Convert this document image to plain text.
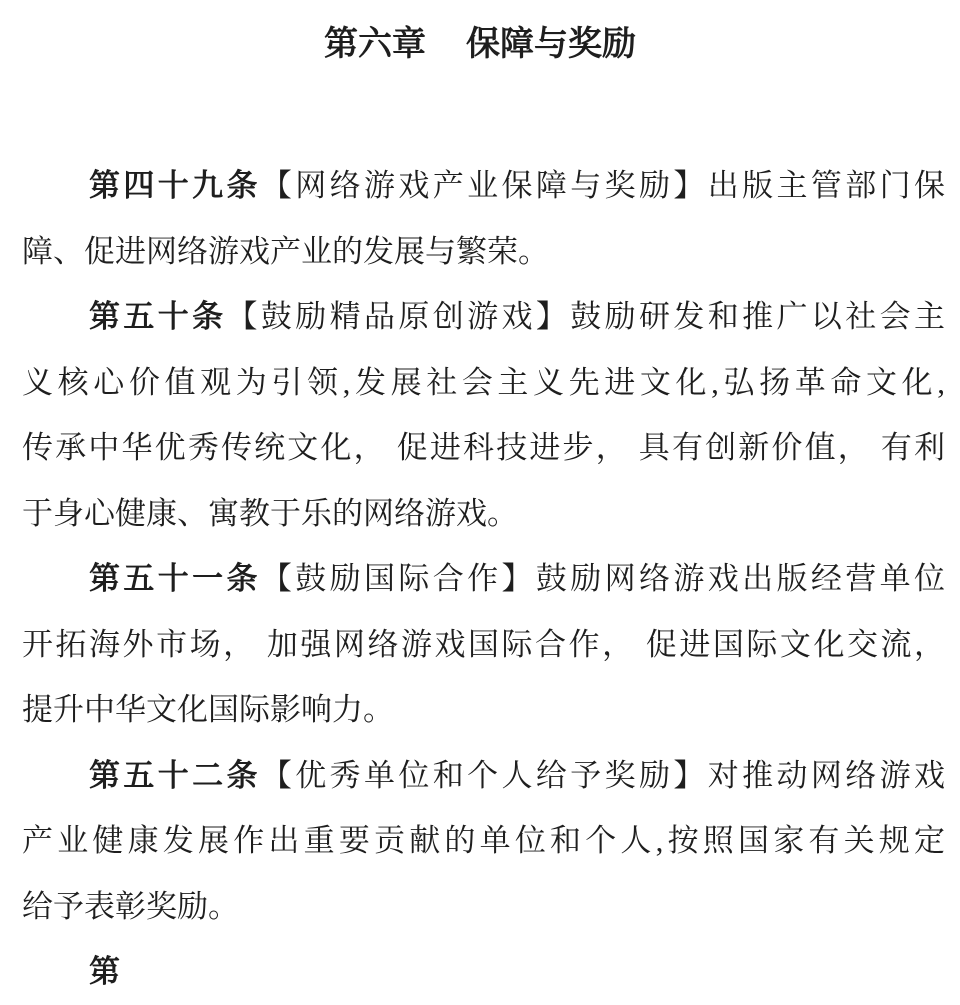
第六章 保障与奖励
第四十九条【网络游戏产业保障与奖励】出版主管部门保
障、促进网络游戏产业的发展与繁荣。
第五十条【鼓励精品原创游戏】鼓励研发和推广以社会主
义核心价值观为引领,发展社会主义先进文化,弘扬革命文化,
传承中华优秀传统文化， 促进科技进步， 具有创新价值， 有利
于身心健康、寓教于乐的网络游戏。
第五十一条【鼓励国际合作】鼓励网络游戏出版经营单位
开拓海外市场， 加强网络游戏国际合作， 促进国际文化交流，
提升中华文化国际影响力。
第五十二条【优秀单位和个人给予奖励】对推动网络游戏
产业健康发展作出重要贡献的单位和个人,按照国家有关规定
给予表彰奖励。
第
